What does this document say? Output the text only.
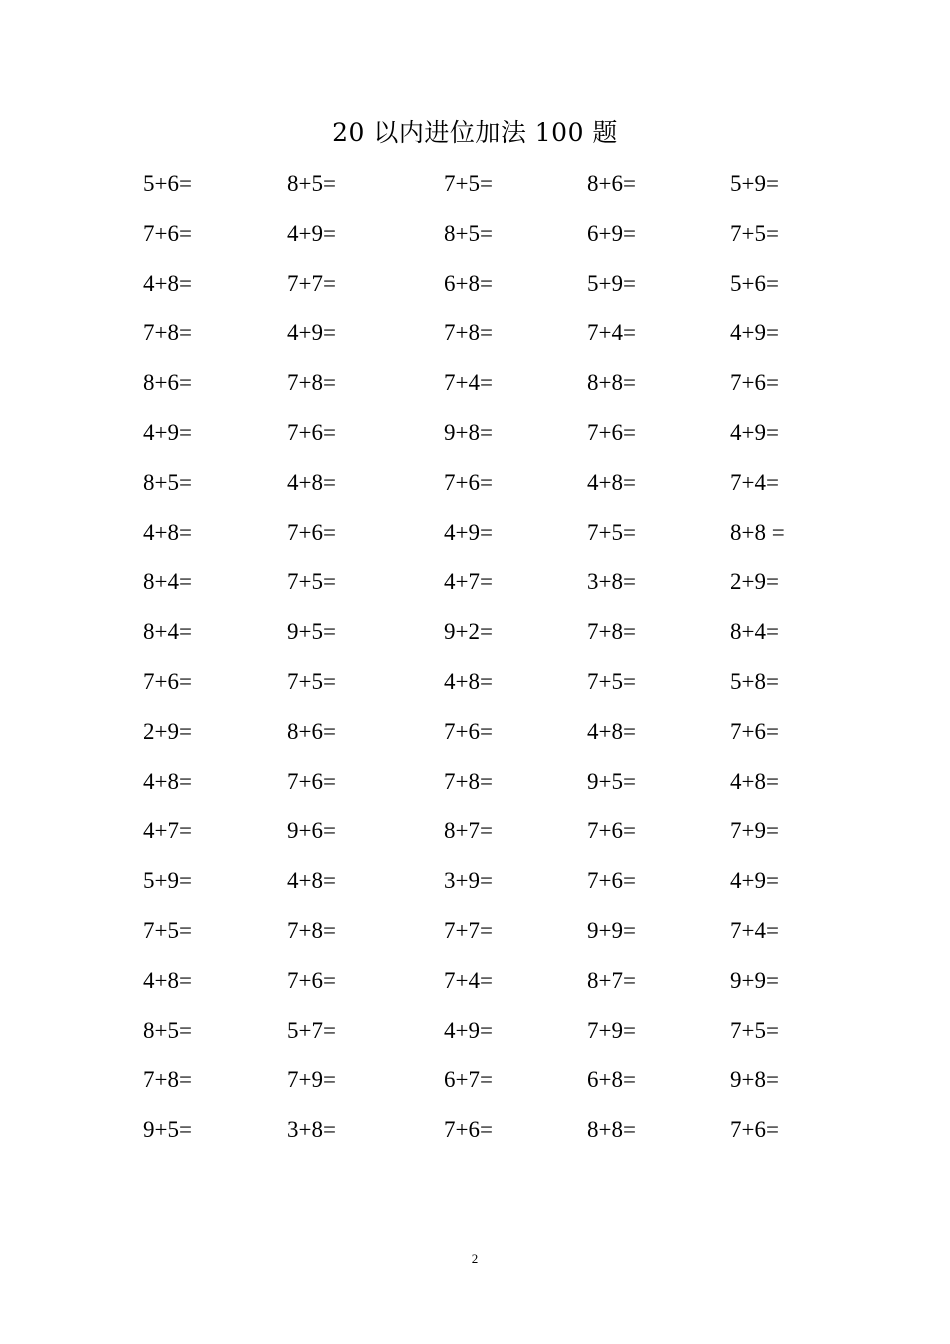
20 以内进位加法 100 题
5+6=	8+5=	7+5=	8+6=	5+9=
7+6=	4+9=	8+5=	6+9=	7+5=
4+8=	7+7=	6+8=	5+9=	5+6=
7+8=	4+9=	7+8=	7+4=	4+9=
8+6=	7+8=	7+4=	8+8=	7+6=
4+9=	7+6=	9+8=	7+6=	4+9=
8+5=	4+8=	7+6=	4+8=	7+4=
4+8=	7+6=	4+9=	7+5=	8+8 =
8+4=	7+5=	4+7=	3+8=	2+9=
8+4=	9+5=	9+2=	7+8=	8+4=
7+6=	7+5=	4+8=	7+5=	5+8=
2+9=	8+6=	7+6=	4+8=	7+6=
4+8=	7+6=	7+8=	9+5=	4+8=
4+7=	9+6=	8+7=	7+6=	7+9=
5+9=	4+8=	3+9=	7+6=	4+9=
7+5=	7+8=	7+7=	9+9=	7+4=
4+8=	7+6=	7+4=	8+7=	9+9=
8+5=	5+7=	4+9=	7+9=	7+5=
7+8=	7+9=	6+7=	6+8=	9+8=
9+5=	3+8=	7+6=	8+8=	7+6=
2
